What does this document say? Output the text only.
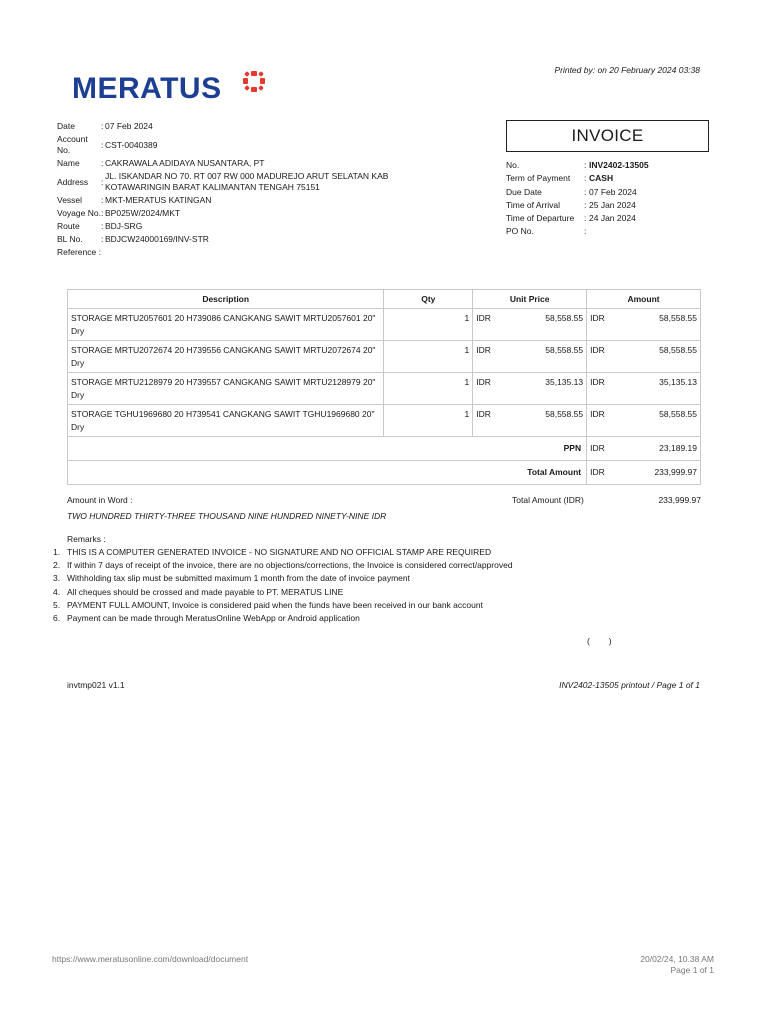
MERATUS
Printed by: on 20 February 2024 03:38
Date	: 07 Feb 2024
Account No.
: CST-0040389
Name	: CAKRAWALA ADIDAYA NUSANTARA, PT
Address	:
JL. ISKANDAR NO 70. RT 007 RW 000 MADUREJO ARUT SELATAN KAB KOTAWARINGIN BARAT KALIMANTAN TENGAH 75151
Vessel	: MKT-MERATUS KATINGAN
Voyage No. : BP025W/2024/MKT
Route	: BDJ-SRG
BL No.	: BDJCW24000169/INV-STR
Reference :
INVOICE
No.	: INV2402-13505
Term of Payment	: CASH
Due Date	: 07 Feb 2024
Time of Arrival	: 25 Jan 2024
Time of Departure	: 24 Jan 2024
PO No.	:
Description	Qty	Unit Price	Amount
STORAGE MRTU2057601 20 H739086 CANGKANG SAWIT MRTU2057601 20" Dry	1	IDR 58,558.55	IDR 58,558.55

STORAGE MRTU2072674 20 H739556 CANGKANG SAWIT MRTU2072674 20" Dry	1	IDR 58,558.55	IDR 58,558.55

STORAGE MRTU2128979 20 H739557 CANGKANG SAWIT MRTU2128979 20" Dry	1	IDR 35,135.13	IDR 35,135.13

STORAGE TGHU1969680 20 H739541 CANGKANG SAWIT TGHU1969680 20" Dry	1	IDR 58,558.55	IDR 58,558.55

PPN			IDR 23,189.19

Total Amount			IDR 233,999.97
Amount in Word :
TWO HUNDRED THIRTY-THREE THOUSAND NINE HUNDRED NINETY-NINE IDR
Total Amount (IDR)	233,999.97
Remarks :
1. THIS IS A COMPUTER GENERATED INVOICE - NO SIGNATURE AND NO OFFICIAL STAMP ARE REQUIRED
2. If within 7 days of receipt of the invoice, there are no objections/corrections, the Invoice is considered correct/approved
3. Withholding tax slip must be submitted maximum 1 month from the date of invoice payment
4. All cheques should be crossed and made payable to PT. MERATUS LINE
5. PAYMENT FULL AMOUNT, Invoice is considered paid when the funds have been received in our bank account
6. Payment can be made through MeratusOnline WebApp or Android application
(        )
invtmp021 v1.1	INV2402-13505 printout / Page 1 of 1
https://www.meratusonline.com/download/document	20/02/24, 10.38 AM
Page 1 of 1
